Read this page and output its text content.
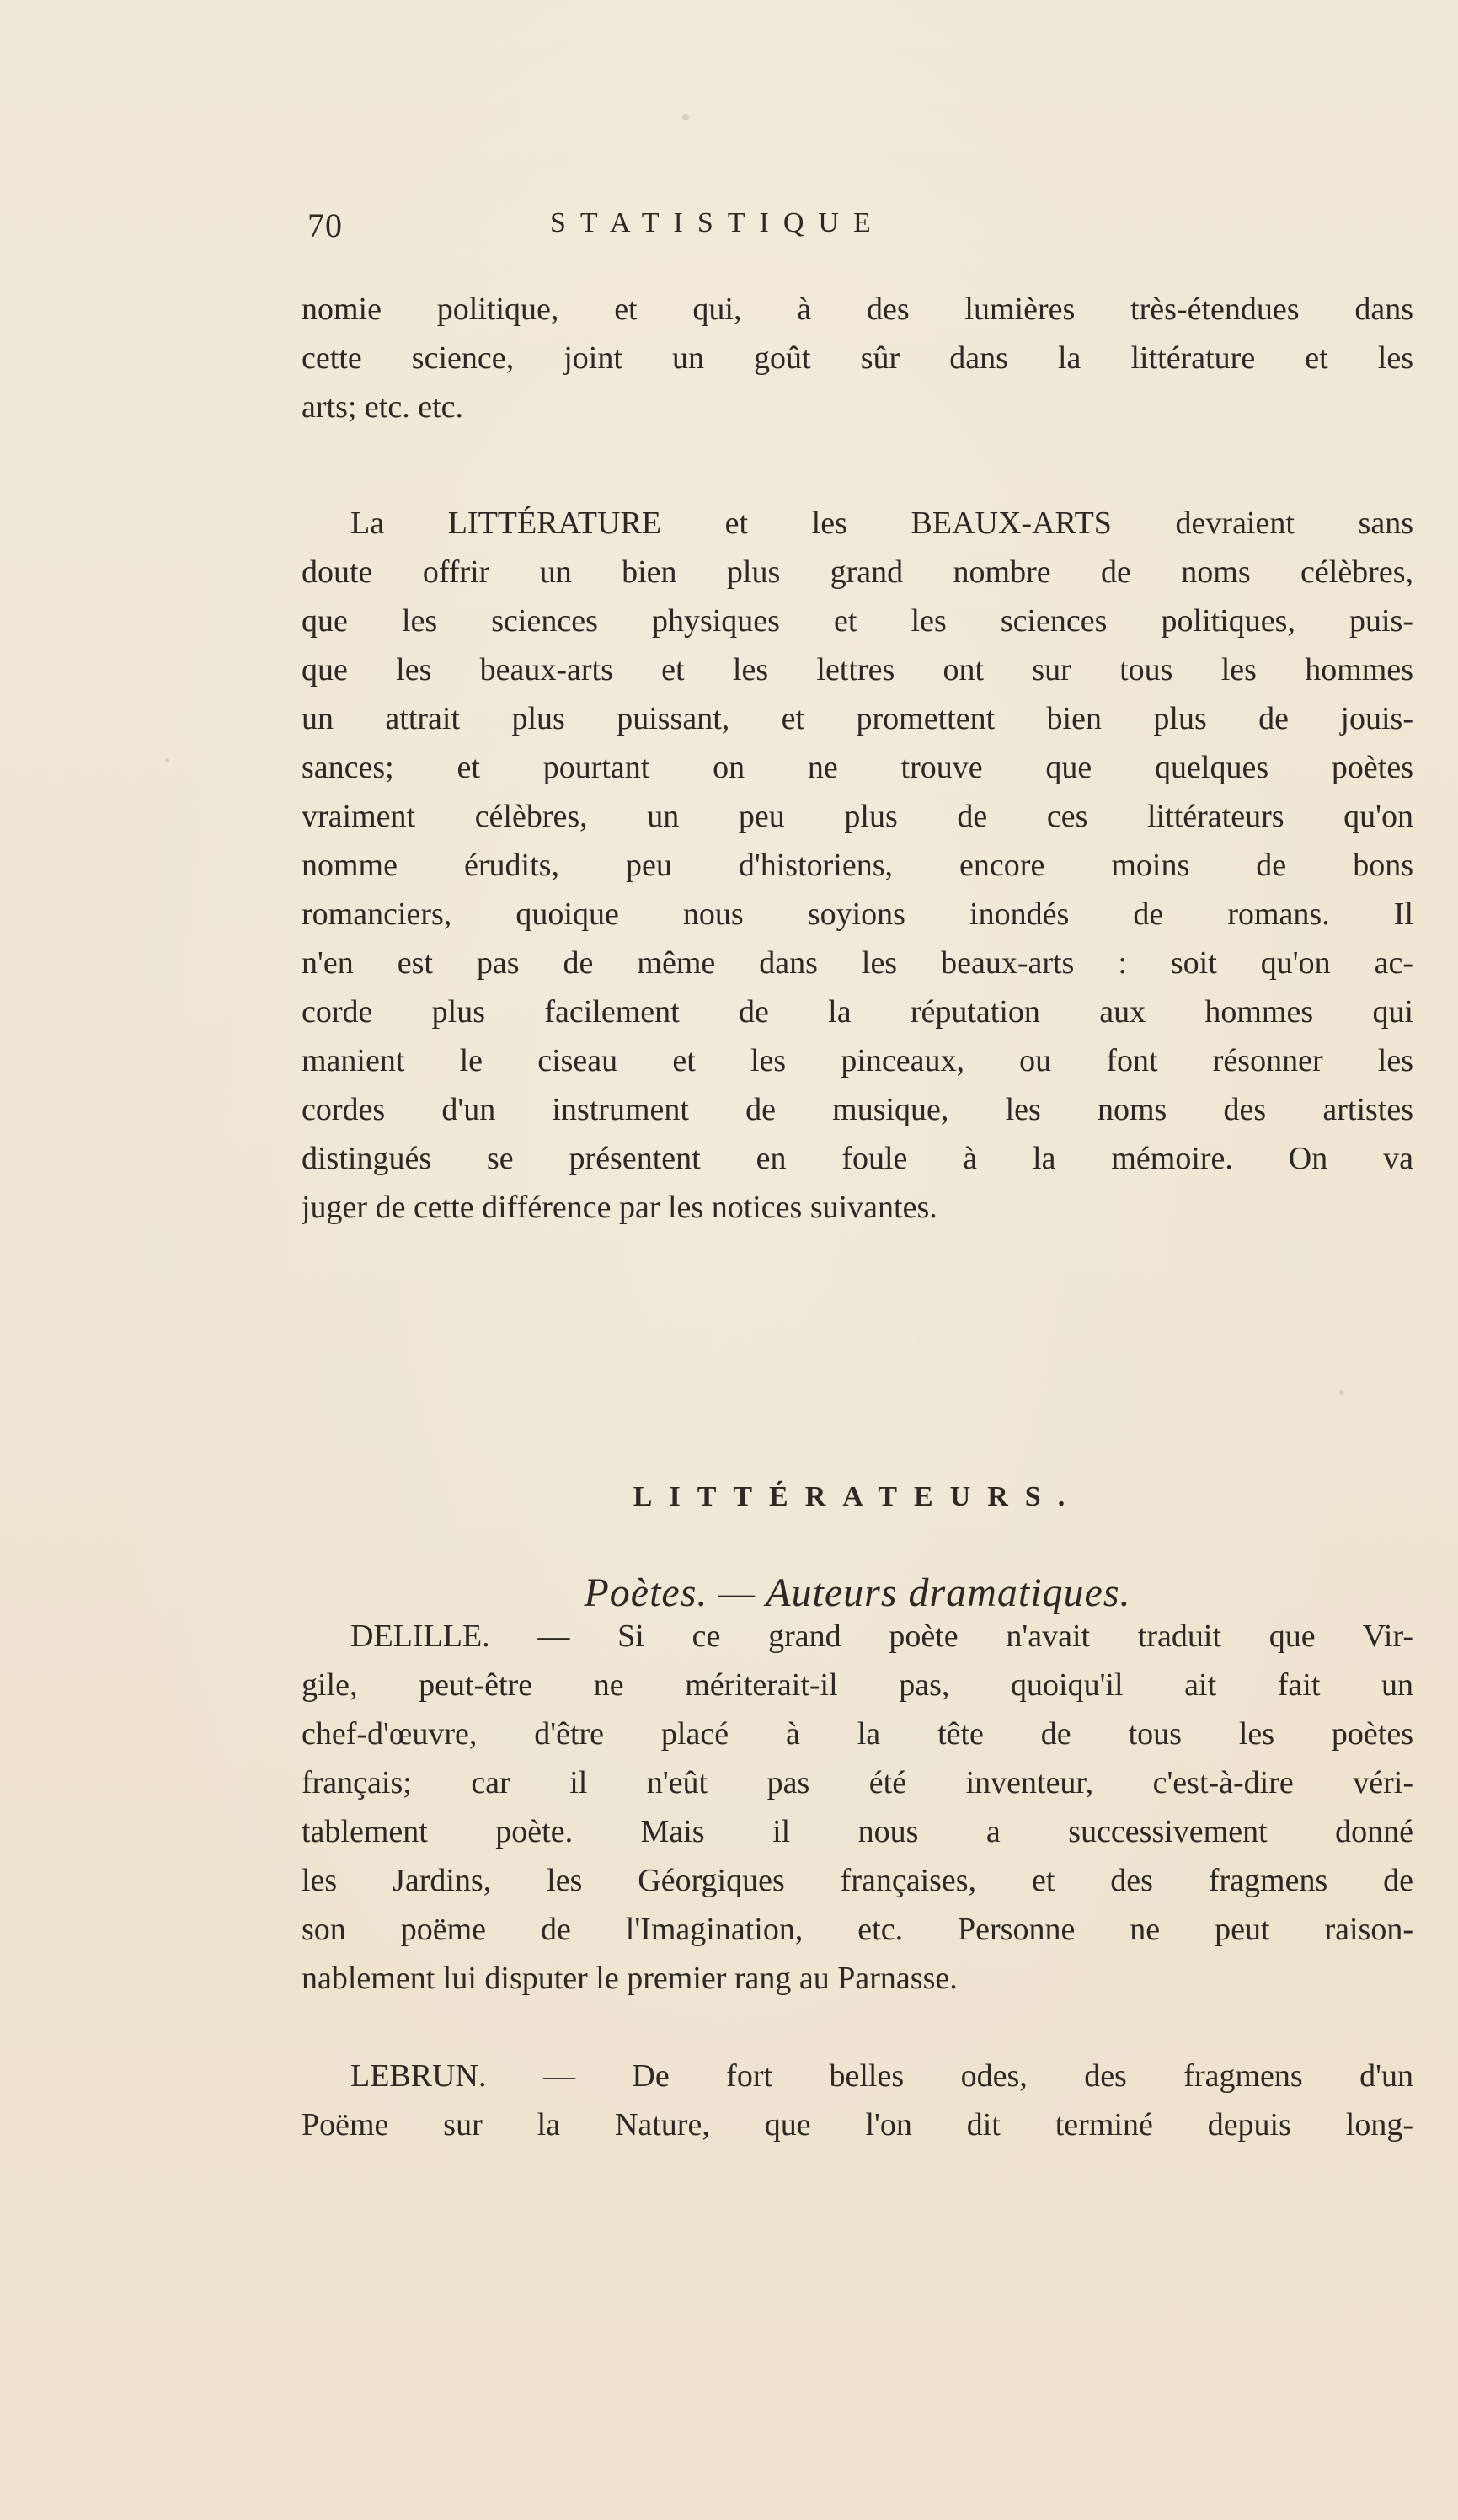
70	STATISTIQUE
nomie politique, et qui, à des lumières très-étendues dans
cette science, joint un goût sûr dans la littérature et les
arts; etc. etc.
La LITTÉRATURE et les BEAUX-ARTS devraient sans
doute offrir un bien plus grand nombre de noms célèbres,
que les sciences physiques et les sciences politiques, puis-
que les beaux-arts et les lettres ont sur tous les hommes
un attrait plus puissant, et promettent bien plus de jouis-
sances; et pourtant on ne trouve que quelques poètes
vraiment célèbres, un peu plus de ces littérateurs qu'on
nomme érudits, peu d'historiens, encore moins de bons
romanciers, quoique nous soyions inondés de romans. Il
n'en est pas de même dans les beaux-arts : soit qu'on ac-
corde plus facilement de la réputation aux hommes qui
manient le ciseau et les pinceaux, ou font résonner les
cordes d'un instrument de musique, les noms des artistes
distingués se présentent en foule à la mémoire. On va
juger de cette différence par les notices suivantes.
LITTÉRATEURS.
Poètes. — Auteurs dramatiques.
DELILLE. — Si ce grand poète n'avait traduit que Vir-
gile, peut-être ne mériterait-il pas, quoiqu'il ait fait un
chef-d'œuvre, d'être placé à la tête de tous les poètes
français; car il n'eût pas été inventeur, c'est-à-dire véri-
tablement poète. Mais il nous a successivement donné
les Jardins, les Géorgiques françaises, et des fragmens de
son poëme de l'Imagination, etc. Personne ne peut raison-
nablement lui disputer le premier rang au Parnasse.
LEBRUN. — De fort belles odes, des fragmens d'un
Poëme sur la Nature, que l'on dit terminé depuis long-
